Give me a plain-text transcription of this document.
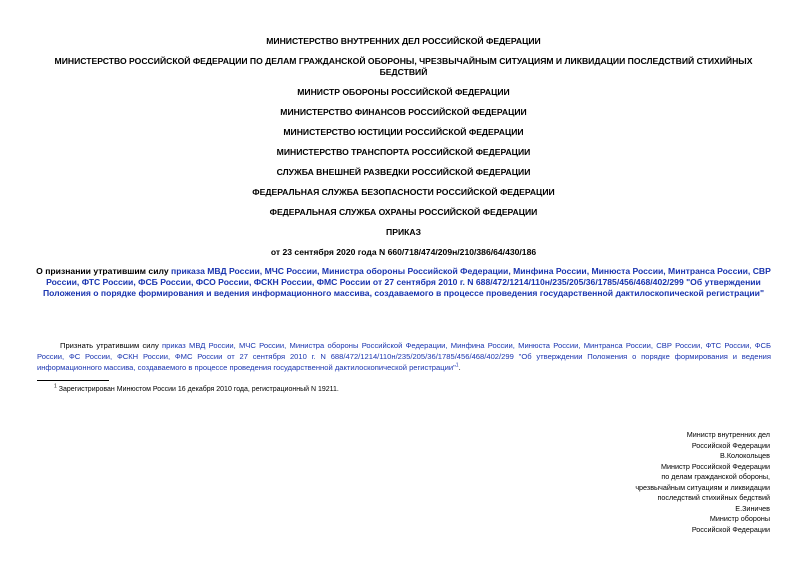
МИНИСТЕРСТВО ВНУТРЕННИХ ДЕЛ РОССИЙСКОЙ ФЕДЕРАЦИИ
МИНИСТЕРСТВО РОССИЙСКОЙ ФЕДЕРАЦИИ ПО ДЕЛАМ ГРАЖДАНСКОЙ ОБОРОНЫ, ЧРЕЗВЫЧАЙНЫМ СИТУАЦИЯМ И ЛИКВИДАЦИИ ПОСЛЕДСТВИЙ СТИХИЙНЫХ БЕДСТВИЙ
МИНИСТР ОБОРОНЫ РОССИЙСКОЙ ФЕДЕРАЦИИ
МИНИСТЕРСТВО ФИНАНСОВ РОССИЙСКОЙ ФЕДЕРАЦИИ
МИНИСТЕРСТВО ЮСТИЦИИ РОССИЙСКОЙ ФЕДЕРАЦИИ
МИНИСТЕРСТВО ТРАНСПОРТА РОССИЙСКОЙ ФЕДЕРАЦИИ
СЛУЖБА ВНЕШНЕЙ РАЗВЕДКИ РОССИЙСКОЙ ФЕДЕРАЦИИ
ФЕДЕРАЛЬНАЯ СЛУЖБА БЕЗОПАСНОСТИ РОССИЙСКОЙ ФЕДЕРАЦИИ
ФЕДЕРАЛЬНАЯ СЛУЖБА ОХРАНЫ РОССИЙСКОЙ ФЕДЕРАЦИИ
ПРИКАЗ
от 23 сентября 2020 года N 660/718/474/209н/210/386/64/430/186
О признании утратившим силу приказа МВД России, МЧС России, Министра обороны Российской Федерации, Минфина России, Минюста России, Минтранса России, СВР России, ФТС России, ФСБ России, ФСО России, ФСКН России, ФМС России от 27 сентября 2010 г. N 688/472/1214/110н/235/205/36/1785/456/468/402/299 "Об утверждении Положения о порядке формирования и ведения информационного массива, создаваемого в процессе проведения государственной дактилоскопической регистрации"
Признать утратившим силу приказ МВД России, МЧС России, Министра обороны Российской Федерации, Минфина России, Минюста России, Минтранса России, СВР России, ФТС России, ФСБ России, ФС России, ФСКН России, ФМС России от 27 сентября 2010 г. N 688/472/1214/110н/235/205/36/1785/456/468/402/299 "Об утверждении Положения о порядке формирования и ведения информационного массива, создаваемого в процессе проведения государственной дактилоскопической регистрации"$^1$.
$^1$ Зарегистрирован Минюстом России 16 декабря 2010 года, регистрационный N 19211.
Министр внутренних дел
Российской Федерации
В.Колокольцев
Министр Российской Федерации
по делам гражданской обороны,
чрезвычайным ситуациям и ликвидации
последствий стихийных бедствий
Е.Зиничев
Министр обороны
Российской Федерации
